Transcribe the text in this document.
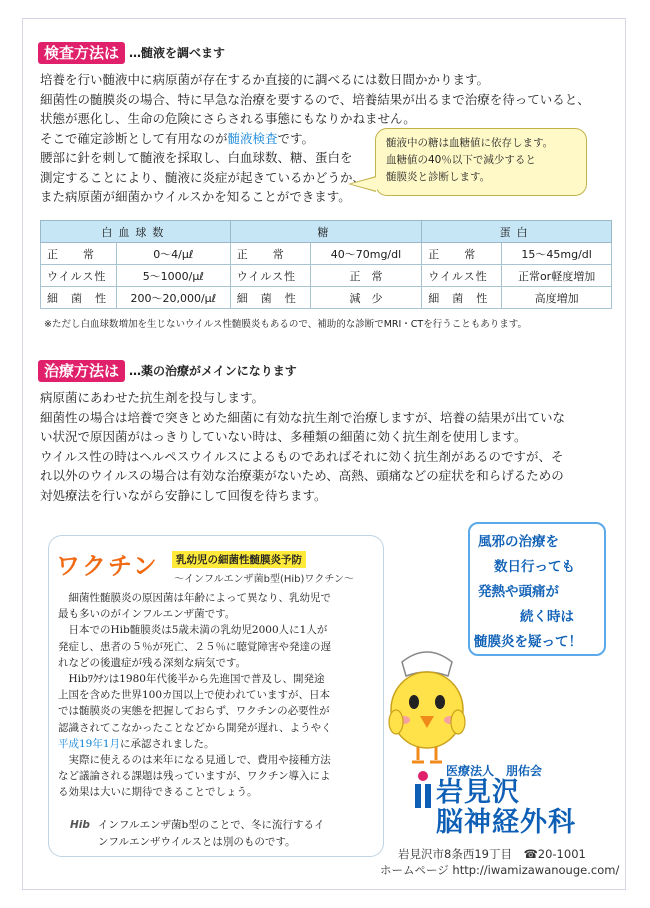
検査方法は …髄液を調べます
培養を行い髄液中に病原菌が存在するか直接的に調べるには数日間かかります。
細菌性の髄膜炎の場合、特に早急な治療を要するので、培養結果が出るまで治療を待っていると、
状態が悪化し、生命の危険にさらされる事態にもなりかねません。
そこで確定診断として有用なのが髄液検査です。
腰部に針を刺して髄液を採取し、白血球数、糖、蛋白を
測定することにより、髄液に炎症が起きているかどうか、
また病原菌が細菌かウイルスかを知ることができます。
髄液中の糖は血糖値に依存します。
血糖値の40％以下で減少すると
髄膜炎と診断します。
白血球数		糖		蛋白	
正　　常	0〜4/μℓ	正　　常	40〜70mg/dl	正　　常	15〜45mg/dl
ウイルス性	5〜1000/μℓ	ウイルス性	正　常	ウイルス性	正常or軽度増加
細　菌　性	200〜20,000/μℓ	細　菌　性	減　少	細　菌　性	高度増加
※ただし白血球数増加を生じないウイルス性髄膜炎もあるので、補助的な診断でMRI・CTを行うこともあります。
治療方法は …薬の治療がメインになります
病原菌にあわせた抗生剤を投与します。
細菌性の場合は培養で突きとめた細菌に有効な抗生剤で治療しますが、培養の結果が出ていな
い状況で原因菌がはっきりしていない時は、多種類の細菌に効く抗生剤を使用します。
ウイルス性の時はヘルペスウイルスによるものであればそれに効く抗生剤があるのですが、そ
れ以外のウイルスの場合は有効な治療薬がないため、高熱、頭痛などの症状を和らげるための
対処療法を行いながら安静にして回復を待ちます。
ワクチン	乳幼児の細菌性髄膜炎予防
〜インフルエンザ菌b型(Hib)ワクチン〜
　細菌性髄膜炎の原因菌は年齢によって異なり、乳幼児で
最も多いのがインフルエンザ菌です。
　日本でのHib髄膜炎は5歳未満の乳幼児2000人に1人が
発症し、患者の５％が死亡、２５％に聴覚障害や発達の遅
れなどの後遺症が残る深刻な病気です。
　Hibﾜｸﾁﾝは1980年代後半から先進国で普及し、開発途
上国を含めた世界100カ国以上で使われていますが、日本
では髄膜炎の実態を把握しておらず、ワクチンの必要性が
認識されてこなかったことなどから開発が遅れ、ようやく
平成19年1月に承認されました。
　実際に使えるのは来年になる見通しで、費用や接種方法
など議論される課題は残っていますが、ワクチン導入によ
る効果は大いに期待できることでしょう。
Hib インフルエンザ菌b型のことで、冬に流行するイ
ンフルエンザウイルスとは別のものです。
風邪の治療を
数日行っても
発熱や頭痛が
続く時は
髄膜炎を疑って！
医療法人　朋佑会
岩見沢
脳神経外科
岩見沢市8条西19丁目　☎20-1001
ホームページ http://iwamizawanouge.com/
